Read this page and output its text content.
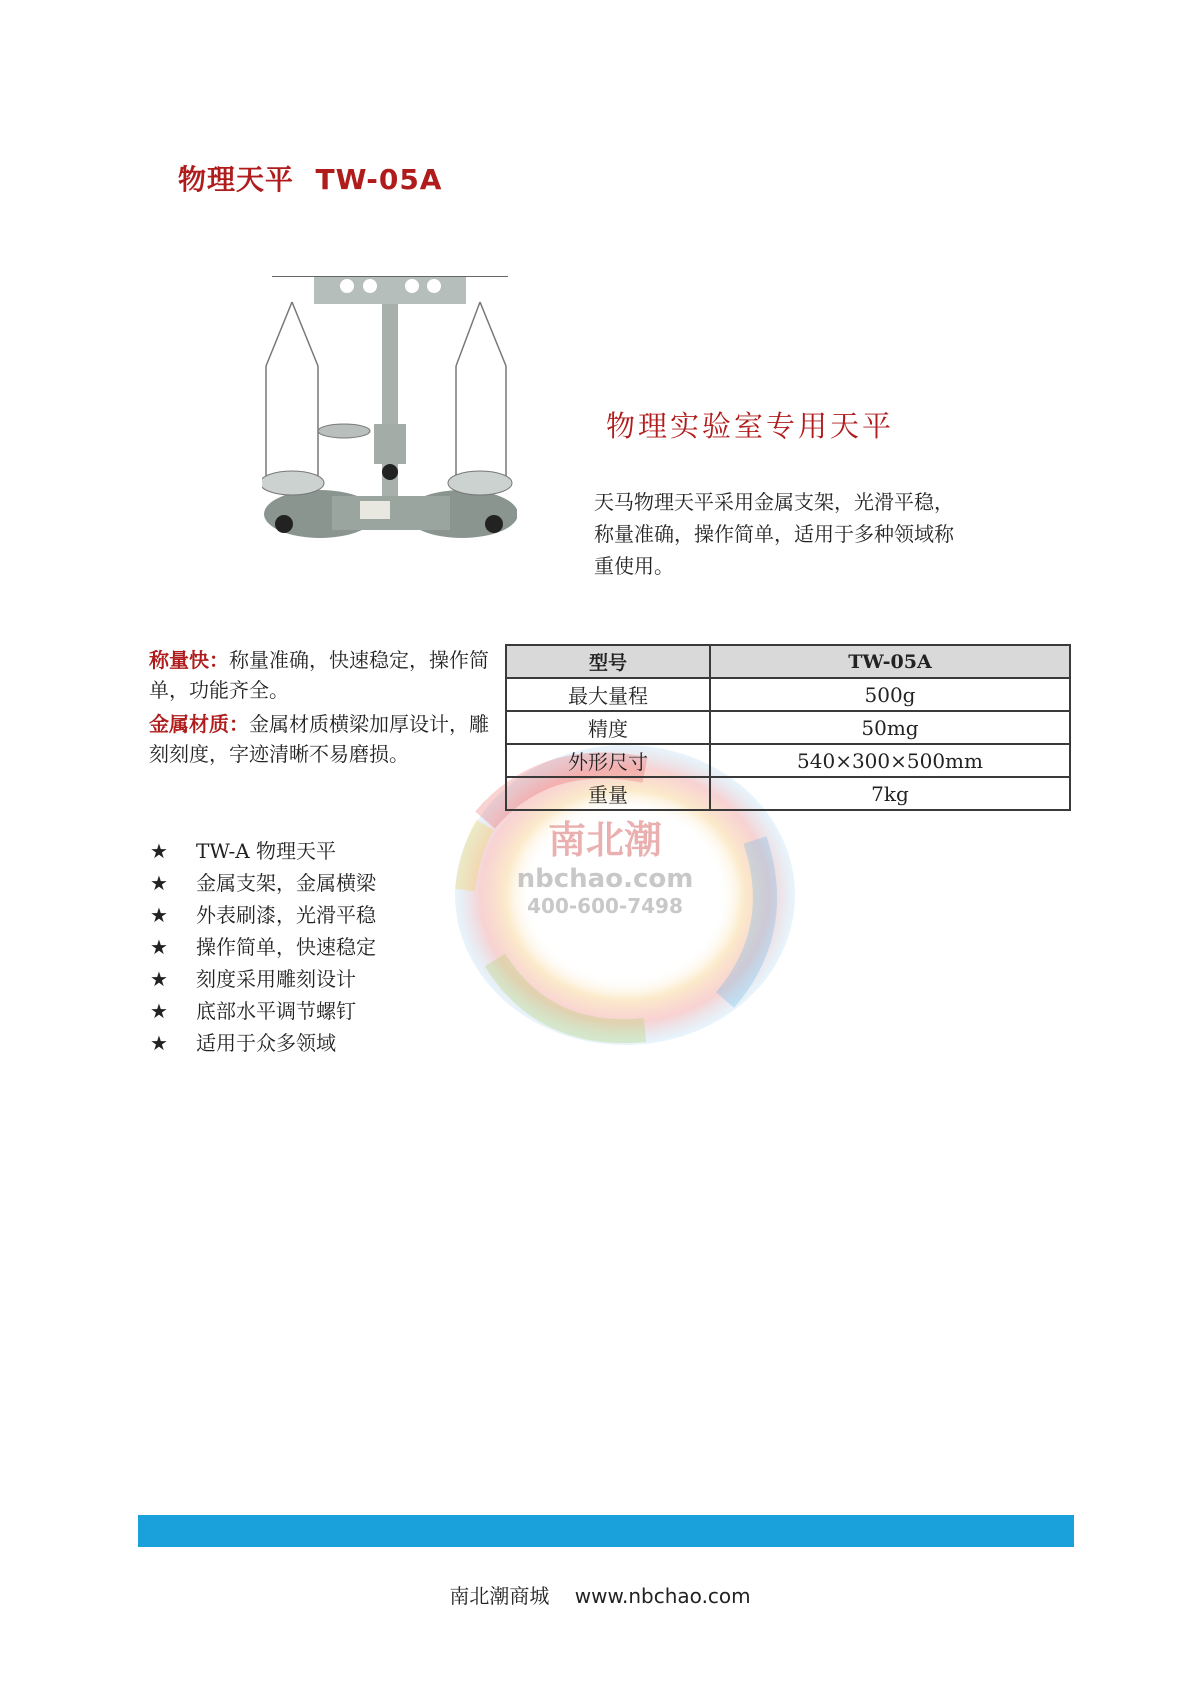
物理天平  TW-05A
物理实验室专用天平
天马物理天平采用金属支架，光滑平稳，称量准确，操作简单，适用于多种领域称重使用。
称量快：称量准确，快速稳定，操作简单，功能齐全。
金属材质：金属材质横梁加厚设计，雕刻刻度，字迹清晰不易磨损。
型号	TW-05A
最大量程	500g
精度	50mg
外形尺寸	540×300×500mm
重量	7kg
南北潮
nbchao.com
400-600-7498
★	TW-A 物理天平
★	金属支架，金属横梁
★	外表刷漆，光滑平稳
★	操作简单，快速稳定
★	刻度采用雕刻设计
★	底部水平调节螺钉
★	适用于众多领域
南北潮商城    www.nbchao.com
